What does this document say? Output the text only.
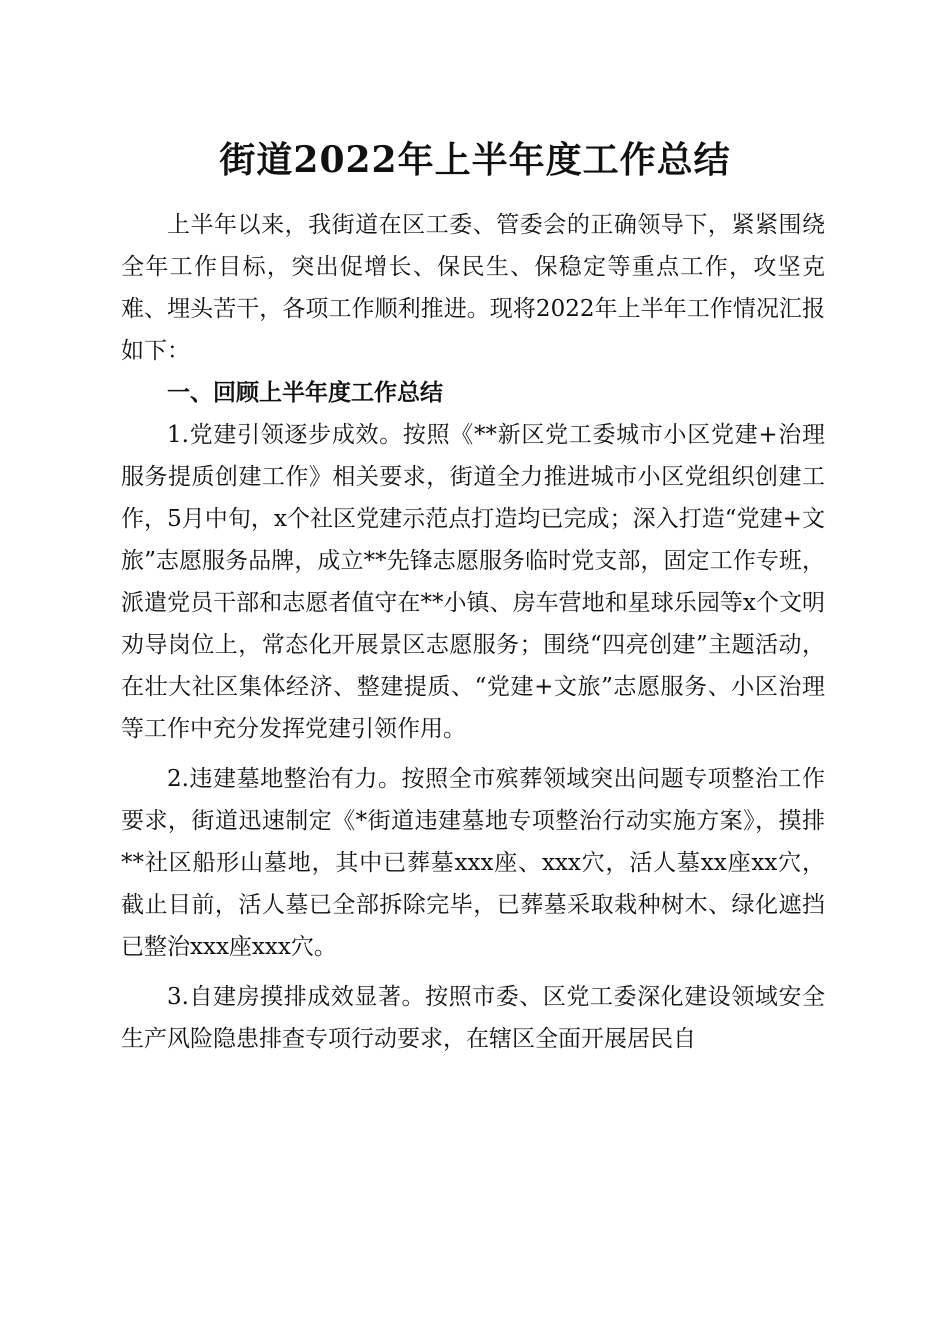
街道2022年上半年度工作总结

上半年以来，我街道在区工委、管委会的正确领导下，紧紧围绕全年工作目标，突出促增长、保民生、保稳定等重点工作，攻坚克难、埋头苦干，各项工作顺利推进。现将2022年上半年工作情况汇报如下：

一、回顾上半年度工作总结

1.党建引领逐步成效。按照《**新区党工委城市小区党建+治理服务提质创建工作》相关要求，街道全力推进城市小区党组织创建工作，5月中旬，x个社区党建示范点打造均已完成；深入打造“党建+文旅”志愿服务品牌，成立**先锋志愿服务临时党支部，固定工作专班，派遣党员干部和志愿者值守在**小镇、房车营地和星球乐园等x个文明劝导岗位上，常态化开展景区志愿服务；围绕“四亮创建”主题活动，在壮大社区集体经济、整建提质、“党建+文旅”志愿服务、小区治理等工作中充分发挥党建引领作用。

2.违建墓地整治有力。按照全市殡葬领域突出问题专项整治工作要求，街道迅速制定《*街道违建墓地专项整治行动实施方案》，摸排**社区船形山墓地，其中已葬墓xxx座、xxx穴，活人墓xx座xx穴，截止目前，活人墓已全部拆除完毕，已葬墓采取栽种树木、绿化遮挡已整治xxx座xxx穴。

3.自建房摸排成效显著。按照市委、区党工委深化建设领域安全生产风险隐患排查专项行动要求，在辖区全面开展居民自
